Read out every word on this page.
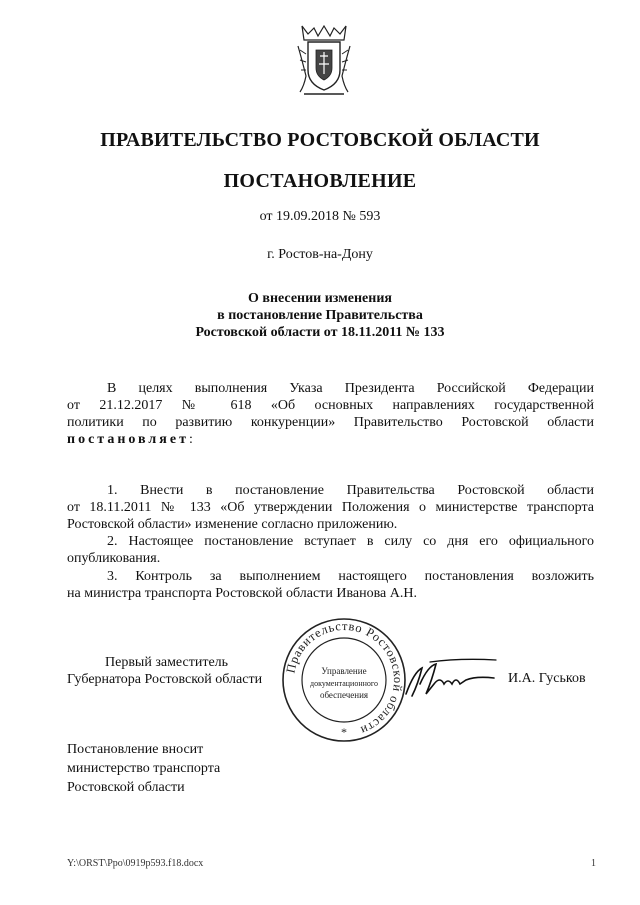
ПРАВИТЕЛЬСТВО РОСТОВСКОЙ ОБЛАСТИ
ПОСТАНОВЛЕНИЕ
от 19.09.2018 № 593
г. Ростов-на-Дону
О внесении изменения
в постановление Правительства
Ростовской области от 18.11.2011 № 133
В целях выполнения Указа Президента Российской Федерации
от 21.12.2017 № 618 «Об основных направлениях государственной
политики по развитию конкуренции» Правительство Ростовской области
постановляет:
1. Внести в постановление Правительства Ростовской области
от 18.11.2011 № 133 «Об утверждении Положения о министерстве транспорта
Ростовской области» изменение согласно приложению.
2. Настоящее постановление вступает в силу со дня его официального
опубликования.
3. Контроль за выполнением настоящего постановления возложить
на министра транспорта Ростовской области Иванова А.Н.
Первый заместитель
Губернатора Ростовской области
Правительство Ростовской области
Управление
документационного
обеспечения
*
И.А. Гуськов
Постановление вносит
министерство транспорта
Ростовской области
Y:\ORST\Ppo\0919p593.f18.docx	1
